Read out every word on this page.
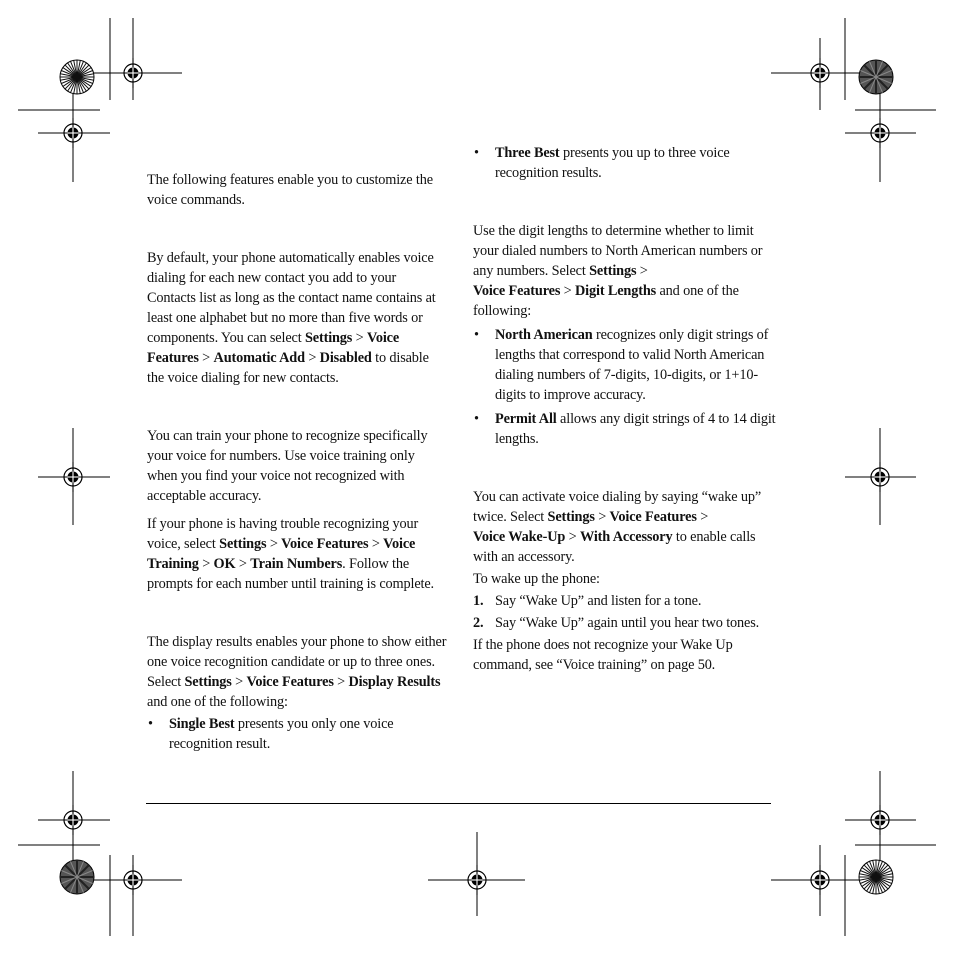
The following features enable you to customize the voice commands.

By default, your phone automatically enables voice dialing for each new contact you add to your Contacts list as long as the contact name contains at least one alphabet but no more than five words or components. You can select Settings > Voice Features > Automatic Add > Disabled to disable the voice dialing for new contacts.

You can train your phone to recognize specifically your voice for numbers. Use voice training only when you find your voice not recognized with acceptable accuracy.

If your phone is having trouble recognizing your voice, select Settings > Voice Features > Voice Training > OK > Train Numbers. Follow the prompts for each number until training is complete.

The display results enables your phone to show either one voice recognition candidate or up to three ones. Select Settings > Voice Features > Display Results and one of the following:

• Single Best presents you only one voice recognition result.
• Three Best presents you up to three voice recognition results.

Use the digit lengths to determine whether to limit your dialed numbers to North American numbers or any numbers. Select Settings >
Voice Features > Digit Lengths and one of the following:

• North American recognizes only digit strings of lengths that correspond to valid North American dialing numbers of 7-digits, 10-digits, or 1+10-digits to improve accuracy.
• Permit All allows any digit strings of 4 to 14 digit lengths.

You can activate voice dialing by saying “wake up” twice. Select Settings > Voice Features >
Voice Wake-Up > With Accessory to enable calls with an accessory.

To wake up the phone:

1. Say “Wake Up” and listen for a tone.
2. Say “Wake Up” again until you hear two tones.

If the phone does not recognize your Wake Up command, see “Voice training” on page 50.
